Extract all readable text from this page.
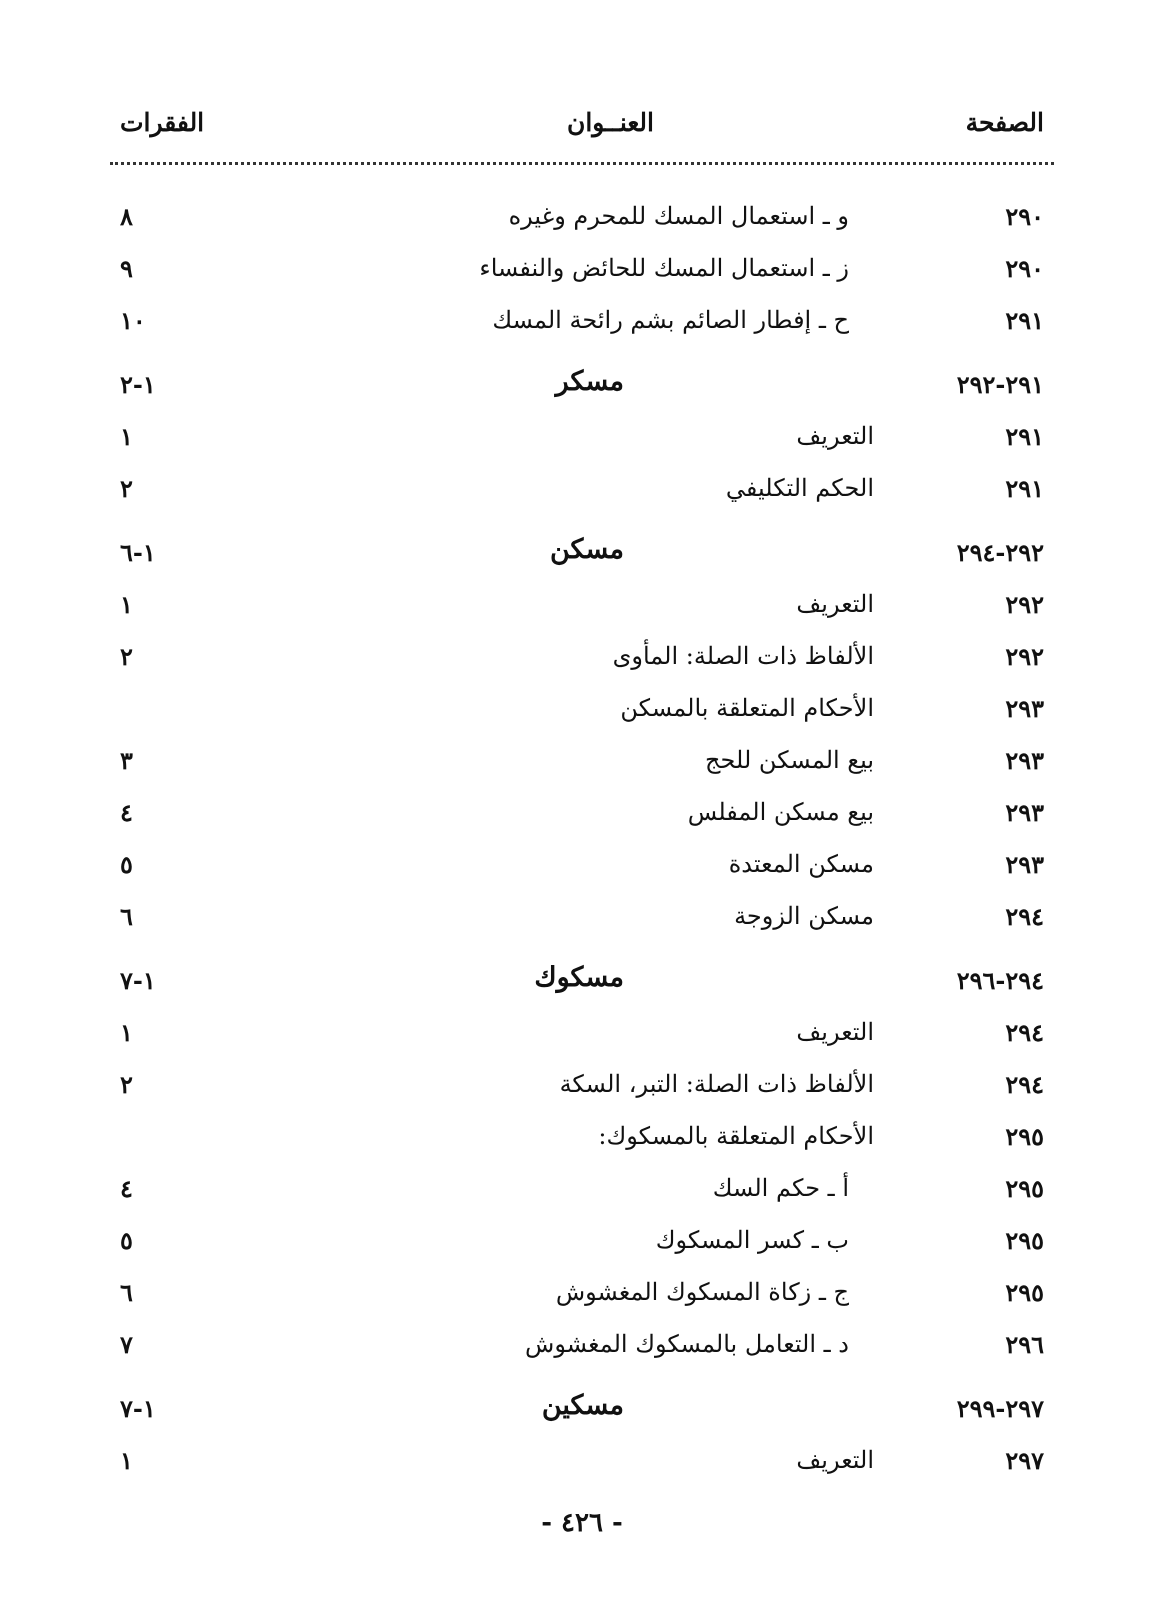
الصفحة
العنــوان
الفقرات
٢٩٠
و ـ استعمال المسك للمحرم وغيره
٨
٢٩٠
ز ـ استعمال المسك للحائض والنفساء
٩
٢٩١
ح ـ إفطار الصائم بشم رائحة المسك
١٠
٢٩١-٢٩٢
مسكر
١-٢
٢٩١
التعريف
١
٢٩١
الحكم التكليفي
٢
٢٩٢-٢٩٤
مسكن
١-٦
٢٩٢
التعريف
١
٢٩٢
الألفاظ ذات الصلة: المأوى
٢
٢٩٣
الأحكام المتعلقة بالمسكن
٢٩٣
بيع المسكن للحج
٣
٢٩٣
بيع مسكن المفلس
٤
٢٩٣
مسكن المعتدة
٥
٢٩٤
مسكن الزوجة
٦
٢٩٤-٢٩٦
مسكوك
١-٧
٢٩٤
التعريف
١
٢٩٤
الألفاظ ذات الصلة: التبر، السكة
٢
٢٩٥
الأحكام المتعلقة بالمسكوك:
٢٩٥
أ ـ حكم السك
٤
٢٩٥
ب ـ كسر المسكوك
٥
٢٩٥
ج ـ زكاة المسكوك المغشوش
٦
٢٩٦
د ـ التعامل بالمسكوك المغشوش
٧
٢٩٧-٢٩٩
مسكين
١-٧
٢٩٧
التعريف
١
- ٤٢٦ -
